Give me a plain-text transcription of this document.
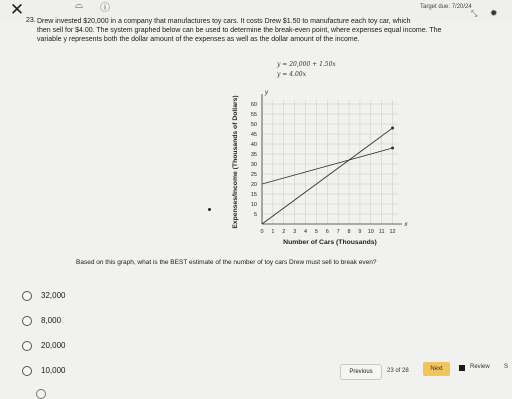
✕	⌓ ⓘ	Target due: 7/20/24
⤡ ✹
23. Drew invested $20,000 in a company that manufactures toy cars. It costs Drew $1.50 to manufacture each toy car, which
then sell for $4.00. The system graphed below can be used to determine the break-even point, where expenses equal income. The
variable y represents both the dollar amount of the expenses as well as the dollar amount of the income.
y = 20,000 + 1.50x
y = 4.00x
0 1 2 3 4 5 6 7 8 9 10 11 12
5
10
15
20
25
30
35
40
45
50
55
60
x
y
Number of Cars (Thousands)
Expenses/Income (Thousands of Dollars)
Based on this graph, what is the BEST estimate of the number of toy cars Drew must sell to break even?
32,000
8,000
20,000
10,000	Previous	23 of 28	Next	Review S
